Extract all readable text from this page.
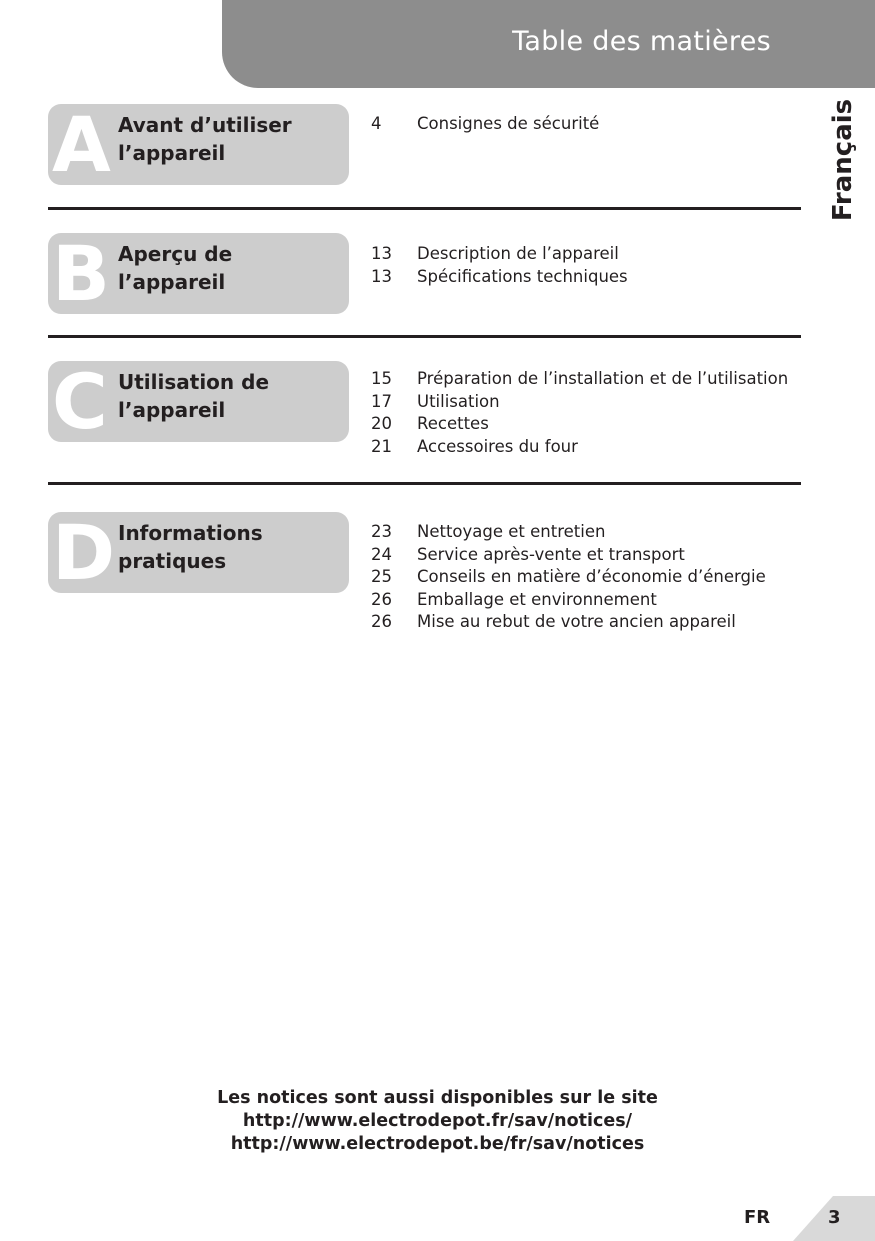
Table des matières
Français
A Avant d’utiliser l’appareil
4	Consignes de sécurité
B Aperçu de l’appareil
13	Description de l’appareil
13	Spécifications techniques
C Utilisation de l’appareil
15	Préparation de l’installation et de l’utilisation
17	Utilisation
20	Recettes
21	Accessoires du four
D Informations pratiques
23	Nettoyage et entretien
24	Service après-vente et transport
25	Conseils en matière d’économie d’énergie
26	Emballage et environnement
26	Mise au rebut de votre ancien appareil
Les notices sont aussi disponibles sur le site
http://www.electrodepot.fr/sav/notices/
http://www.electrodepot.be/fr/sav/notices
FR	3
